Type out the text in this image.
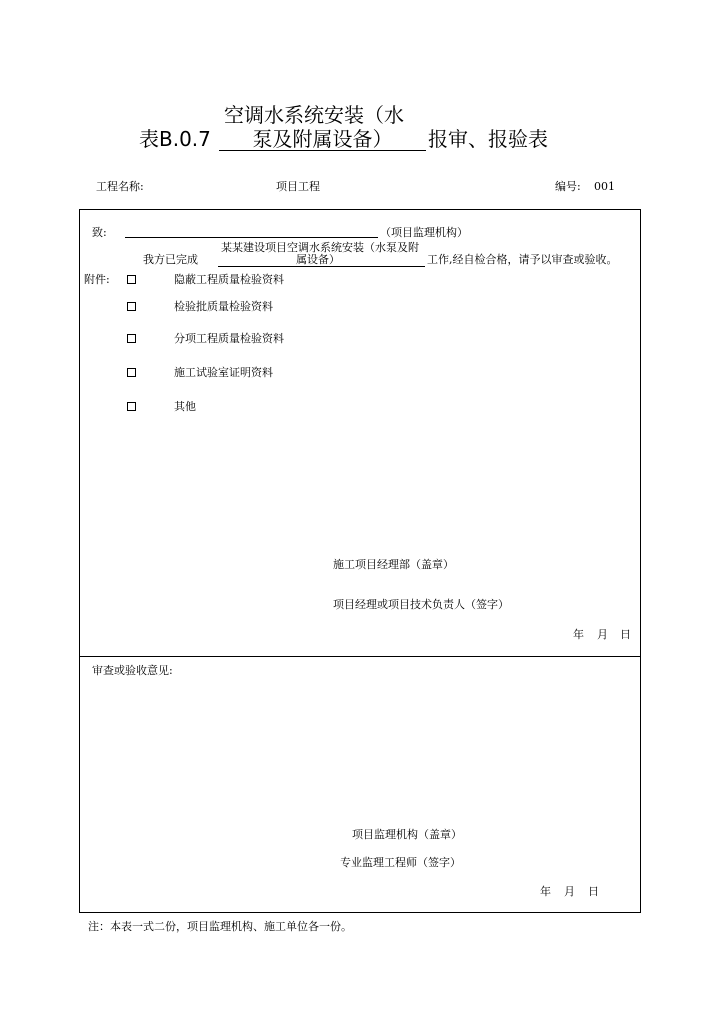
空调水系统安装（水
表B.0.7	泵及附属设备）	报审、报验表
工程名称:	项目工程	编号: 001
致:	（项目监理机构）
我方已完成
某某建设项目空调水系统安装（水泵及附
属设备）	工作,经自检合格，请予以审查或验收。
附件:	隐蔽工程质量检验资料
检验批质量检验资料
分项工程质量检验资料
施工试验室证明资料
其他
施工项目经理部（盖章）
项目经理或项目技术负责人（签字）
年 月 日
审查或验收意见:
项目监理机构（盖章）
专业监理工程师（签字）
年 月 日
注：本表一式二份，项目监理机构、施工单位各一份。
